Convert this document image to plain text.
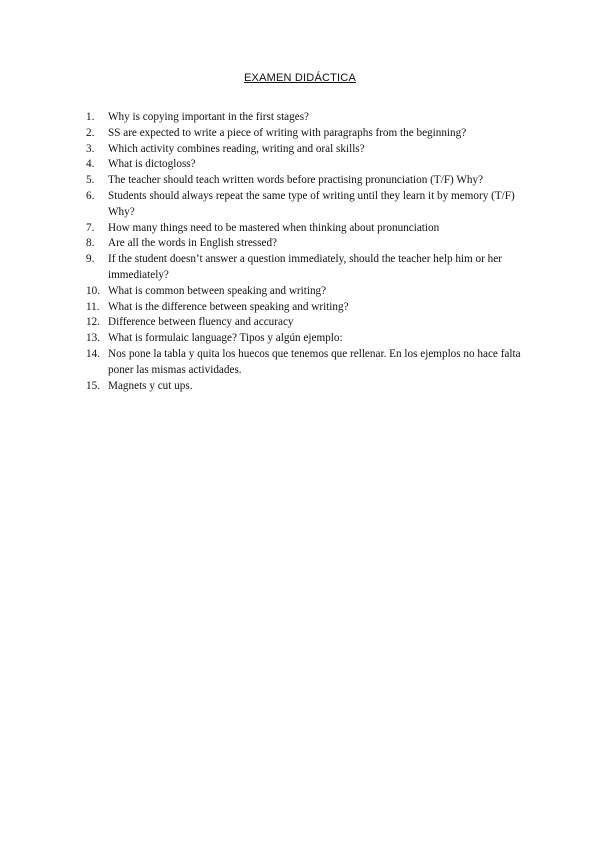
EXAMEN DIDÁCTICA
1.	Why is copying important in the first stages?
2.	SS are expected to write a piece of writing with paragraphs from the beginning?
3.	Which activity combines reading, writing and oral skills?
4.	What is dictogloss?
5.	The teacher should teach written words before practising pronunciation (T/F) Why?
6.	Students should always repeat the same type of writing until they learn it by memory (T/F) Why?
7.	How many things need to be mastered when thinking about pronunciation
8.	Are all the words in English stressed?
9.	If the student doesn’t answer a question immediately, should the teacher help him or her immediately?
10. What is common between speaking and writing?
11. What is the difference between speaking and writing?
12. Difference between fluency and accuracy
13. What is formulaic language? Tipos y algún ejemplo:
14. Nos pone la tabla y quita los huecos que tenemos que rellenar. En los ejemplos no hace falta poner las mismas actividades.
15. Magnets y cut ups.
